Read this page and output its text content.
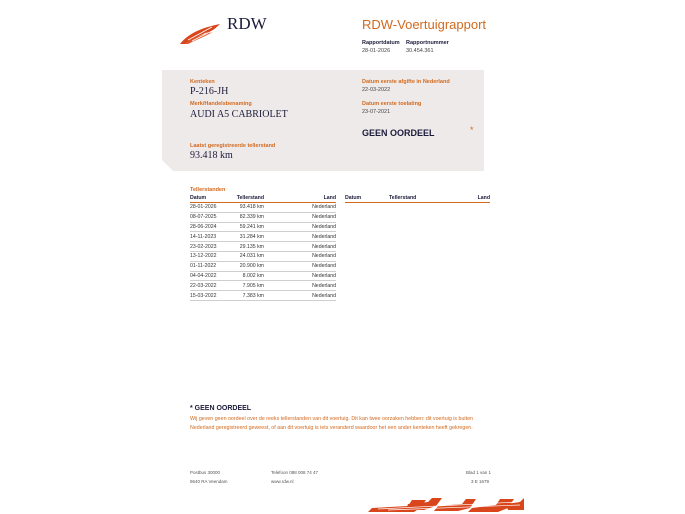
RDW	RDW-Voertuigrapport
Rapportdatum
28-01-2026
Rapportnummer
30.454.361
Kenteken
P-216-JH
Merk/Handelsbenaming
AUDI A5 CABRIOLET
Laatst geregistreerde tellerstand
93.418 km
Datum eerste afgifte in Nederland
22-03-2022
Datum eerste toelating
23-07-2021
GEEN OORDEEL	*
Tellerstanden
Datum	Tellerstand	Land
28-01-2026	93.418 km	Nederland
08-07-2025	82.339 km	Nederland
28-06-2024	59.241 km	Nederland
14-11-2023	31.284 km	Nederland
23-02-2023	29.135 km	Nederland
13-12-2022	24.031 km	Nederland
01-11-2022	20.900 km	Nederland
04-04-2022	8.002 km	Nederland
22-03-2022	7.905 km	Nederland
15-03-2022	7.383 km	Nederland
Datum	Tellerstand	Land
* GEEN OORDEEL
Wij geven geen oordeel over de reeks tellerstanden van dit voertuig. Dit kan twee oorzaken hebben: dit voertuig is buiten Nederland geregistreerd geweest, of aan dit voertuig is iets veranderd waardoor het een ander kenteken heeft gekregen.
Postbus 30000
9640 RA Veendam
Telefoon 088 008 74 47
www.rdw.nl
Blad 1 van 1
3 E 1679
